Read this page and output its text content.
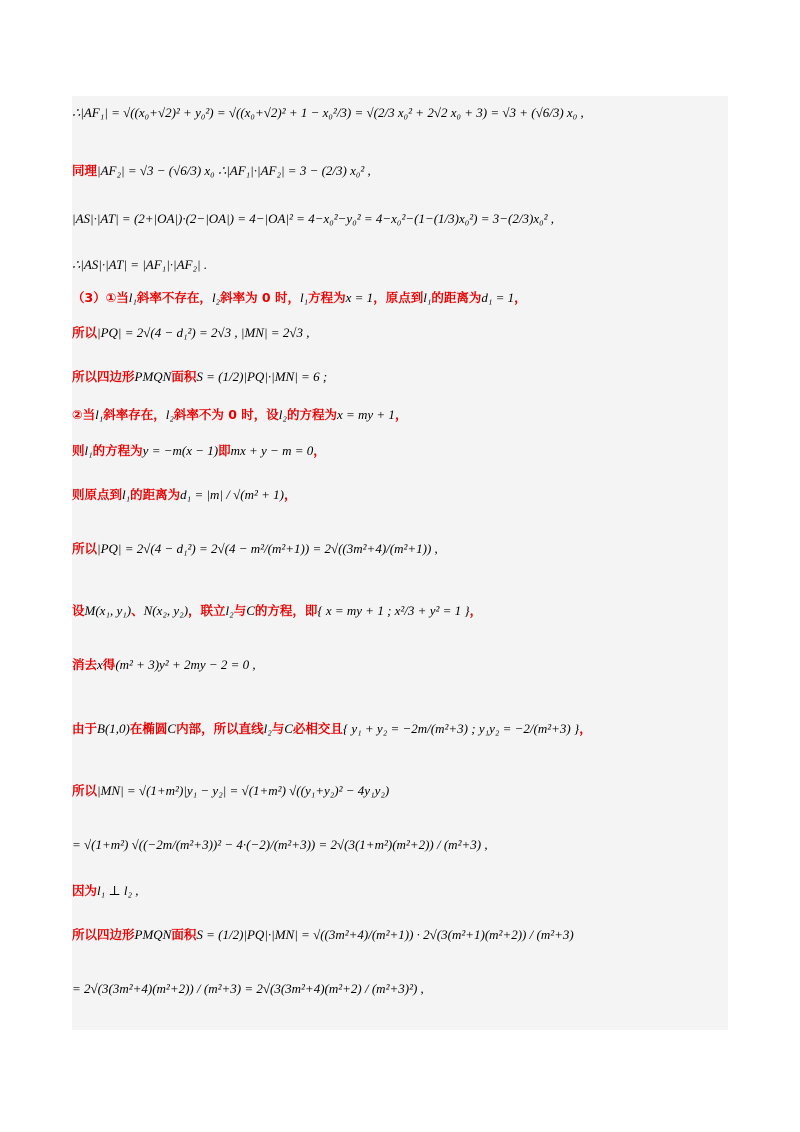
∴|AF₁| = √((x₀+√2)² + y₀²) = √((x₀+√2)² + 1 − x₀²/3) = √(2/3 x₀² + 2√2 x₀ + 3) = √3 + (√6/3) x₀ ,
同理|AF₂| = √3 − (√6/3) x₀ ∴|AF₁|·|AF₂| = 3 − (2/3) x₀² ,
|AS|·|AT| = (2+|OA|)·(2−|OA|) = 4−|OA|² = 4−x₀²−y₀² = 4−x₀²−(1−(1/3)x₀²) = 3−(2/3)x₀² ,
∴|AS|·|AT| = |AF₁|·|AF₂| .
（3）①当l₁斜率不存在，l₂斜率为 0 时，l₁方程为x = 1，原点到l₁的距离为d₁ = 1，
所以|PQ| = 2√(4 − d₁²) = 2√3 , |MN| = 2√3 ,
所以四边形PMQN面积S = (1/2)|PQ|·|MN| = 6 ;
②当l₁斜率存在，l₂斜率不为 0 时，设l₂的方程为x = my + 1，
则l₁的方程为y = −m(x − 1)即mx + y − m = 0，
则原点到l₁的距离为d₁ = |m| / √(m² + 1)，
所以|PQ| = 2√(4 − d₁²) = 2√(4 − m²/(m²+1)) = 2√((3m²+4)/(m²+1)) ,
设M(x₁, y₁)、N(x₂, y₂)，联立l₂与C的方程，即{ x = my + 1 ; x²/3 + y² = 1 }，
消去x得(m² + 3)y² + 2my − 2 = 0 ,
由于B(1,0)在椭圆C内部，所以直线l₂与C必相交且{ y₁ + y₂ = −2m/(m²+3) ; y₁y₂ = −2/(m²+3) }，
所以|MN| = √(1+m²)|y₁ − y₂| = √(1+m²) √((y₁+y₂)² − 4y₁y₂)
= √(1+m²) √((−2m/(m²+3))² − 4·(−2)/(m²+3)) = 2√(3(1+m²)(m²+2)) / (m²+3) ,
因为l₁ ⊥ l₂ ,
所以四边形PMQN面积S = (1/2)|PQ|·|MN| = √((3m²+4)/(m²+1)) · 2√(3(m²+1)(m²+2)) / (m²+3)
= 2√(3(3m²+4)(m²+2)) / (m²+3) = 2√(3(3m²+4)(m²+2) / (m²+3)²) ,
